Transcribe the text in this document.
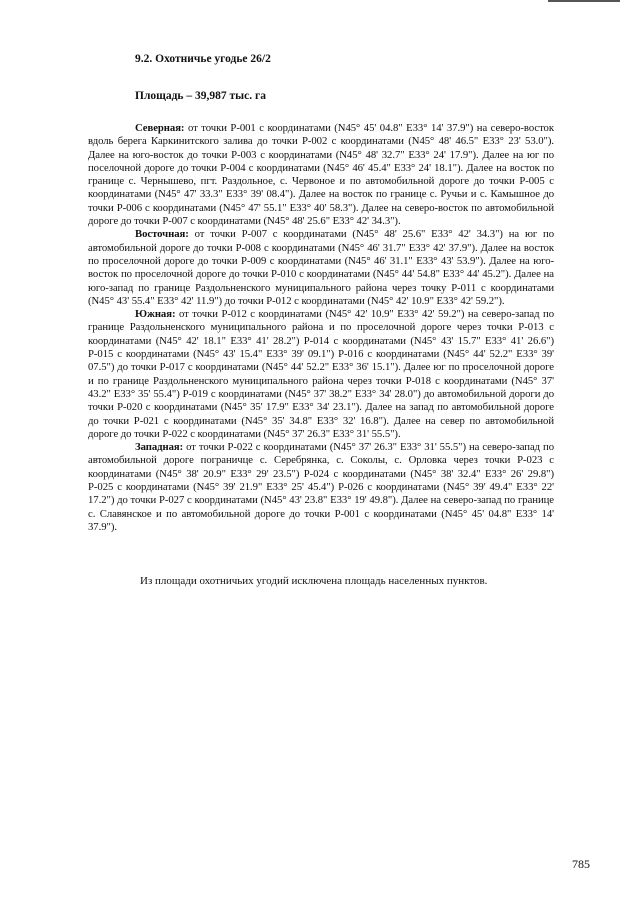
9.2. Охотничье угодье 26/2

Площадь – 39,987 тыс. га

Северная: от точки Р-001 с координатами (N45° 45' 04.8" E33° 14' 37.9") на северо-восток вдоль берега Каркинитского залива до точки Р-002 с координатами (N45° 48' 46.5" E33° 23' 53.0"). Далее на юго-восток до точки Р-003 с координатами (N45° 48' 32.7" E33° 24' 17.9"). Далее на юг по поселочной дороге до точки Р-004 с координатами (N45° 46' 45.4" E33° 24' 18.1"). Далее на восток по границе с. Чернышево, пгт. Раздольное, с. Червоное и по автомобильной дороге до точки Р-005 с координатами (N45° 47' 33.3" E33° 39' 08.4"). Далее на восток по границе с. Ручьи и с. Камышное до точки Р-006 с координатами (N45° 47' 55.1" E33° 40' 58.3"). Далее на северо-восток по автомобильной дороге до точки Р-007 с координатами (N45° 48' 25.6" E33° 42' 34.3").

Восточная: от точки Р-007 с координатами (N45° 48' 25.6" E33° 42' 34.3") на юг по автомобильной дороге до точки Р-008 с координатами (N45° 46' 31.7" E33° 42' 37.9"). Далее на восток по проселочной дороге до точки Р-009 с координатами (N45° 46' 31.1" E33° 43' 53.9"). Далее на юго-восток по проселочной дороге до точки Р-010 с координатами (N45° 44' 54.8" E33° 44' 45.2"). Далее на юго-запад по границе Раздольненского муниципального района через точку Р-011 с координатами (N45° 43' 55.4" E33° 42' 11.9") до точки Р-012 с координатами (N45° 42' 10.9" E33° 42' 59.2").

Южная: от точки Р-012 с координатами (N45° 42' 10.9" E33° 42' 59.2") на северо-запад по границе Раздольненского муниципального района и по проселочной дороге через точки Р-013 с координатами (N45° 42' 18.1" E33° 41' 28.2") Р-014 с координатами (N45° 43' 15.7" E33° 41' 26.6") Р-015 с координатами (N45° 43' 15.4" E33° 39' 09.1") Р-016 с координатами (N45° 44' 52.2" E33° 39' 07.5") до точки Р-017 с координатами (N45° 44' 52.2" E33° 36' 15.1"). Далее юг по проселочной дороге и по границе Раздольненского муниципального района через точки Р-018 с координатами (N45° 37' 43.2" E33° 35' 55.4") Р-019 с координатами (N45° 37' 38.2" E33° 34' 28.0") до автомобильной дороги до точки Р-020 с координатами (N45° 35' 17.9" E33° 34' 23.1"). Далее на запад по автомобильной дороге до точки Р-021 с координатами (N45° 35' 34.8" E33° 32' 16.8"). Далее на север по автомобильной дороге до точки Р-022 с координатами (N45° 37' 26.3" E33° 31' 55.5").

Западная: от точки Р-022 с координатами (N45° 37' 26.3" E33° 31' 55.5") на северо-запад по автомобильной дороге пограничце с. Серебрянка, с. Соколы, с. Орловка через точки Р-023 с координатами (N45° 38' 20.9" E33° 29' 23.5") Р-024 с координатами (N45° 38' 32.4" E33° 26' 29.8") Р-025 с координатами (N45° 39' 21.9" E33° 25' 45.4") Р-026 с координатами (N45° 39' 49.4" E33° 22' 17.2") до точки Р-027 с координатами (N45° 43' 23.8" E33° 19' 49.8"). Далее на северо-запад по границе с. Славянское и по автомобильной дороге до точки Р-001 с координатами (N45° 45' 04.8" E33° 14' 37.9").

Из площади охотничьих угодий исключена площадь населенных пунктов.

785
